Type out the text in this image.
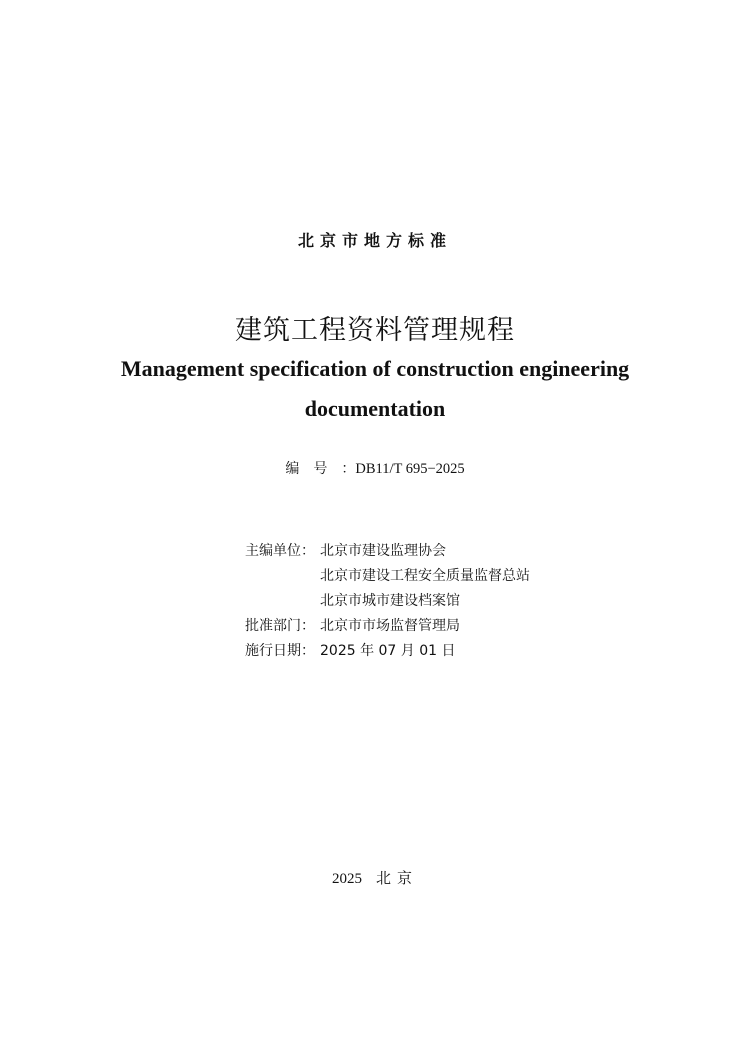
北京市地方标准
建筑工程资料管理规程
Management specification of construction engineering
documentation
编号：DB11/T 695−2025
主编单位： 北京市建设监理协会
北京市建设工程安全质量监督总站
北京市城市建设档案馆
批准部门： 北京市市场监督管理局
施行日期： 2025 年 07 月 01 日
2025 北京
